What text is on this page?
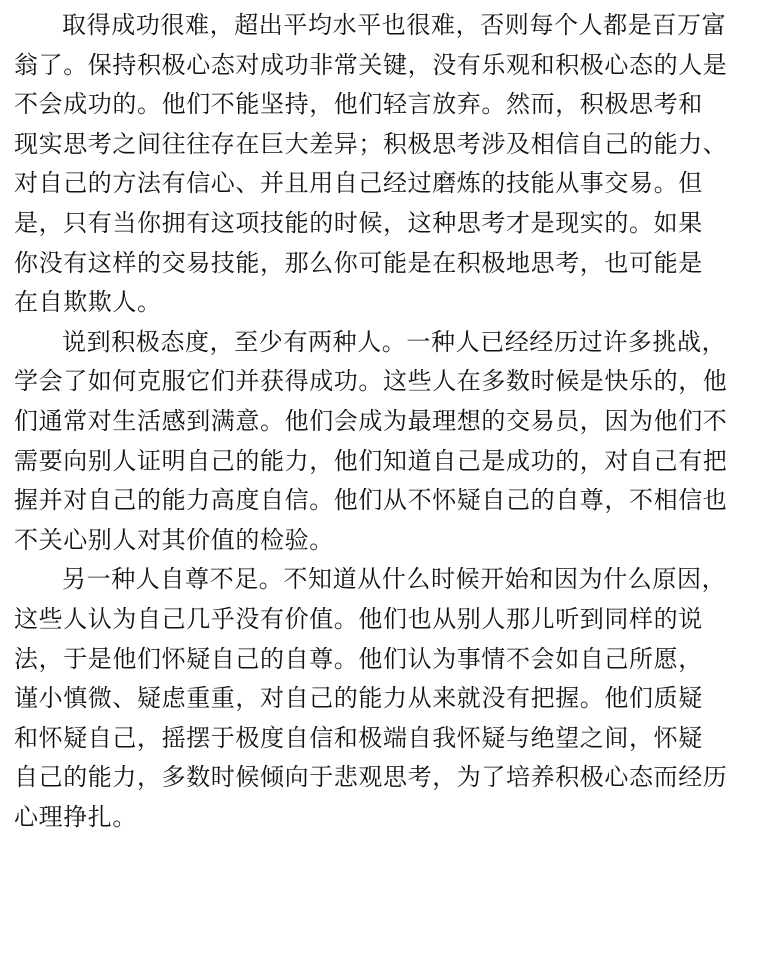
取得成功很难，超出平均水平也很难，否则每个人都是百万富
翁了。保持积极心态对成功非常关键，没有乐观和积极心态的人是
不会成功的。他们不能坚持，他们轻言放弃。然而，积极思考和
现实思考之间往往存在巨大差异；积极思考涉及相信自己的能力、
对自己的方法有信心、并且用自己经过磨炼的技能从事交易。但
是，只有当你拥有这项技能的时候，这种思考才是现实的。如果
你没有这样的交易技能，那么你可能是在积极地思考，也可能是
在自欺欺人。
说到积极态度，至少有两种人。一种人已经经历过许多挑战，
学会了如何克服它们并获得成功。这些人在多数时候是快乐的，他
们通常对生活感到满意。他们会成为最理想的交易员，因为他们不
需要向别人证明自己的能力，他们知道自己是成功的，对自己有把
握并对自己的能力高度自信。他们从不怀疑自己的自尊，不相信也
不关心别人对其价值的检验。
另一种人自尊不足。不知道从什么时候开始和因为什么原因，
这些人认为自己几乎没有价值。他们也从别人那儿听到同样的说
法，于是他们怀疑自己的自尊。他们认为事情不会如自己所愿，
谨小慎微、疑虑重重，对自己的能力从来就没有把握。他们质疑
和怀疑自己，摇摆于极度自信和极端自我怀疑与绝望之间，怀疑
自己的能力，多数时候倾向于悲观思考，为了培养积极心态而经历
心理挣扎。
